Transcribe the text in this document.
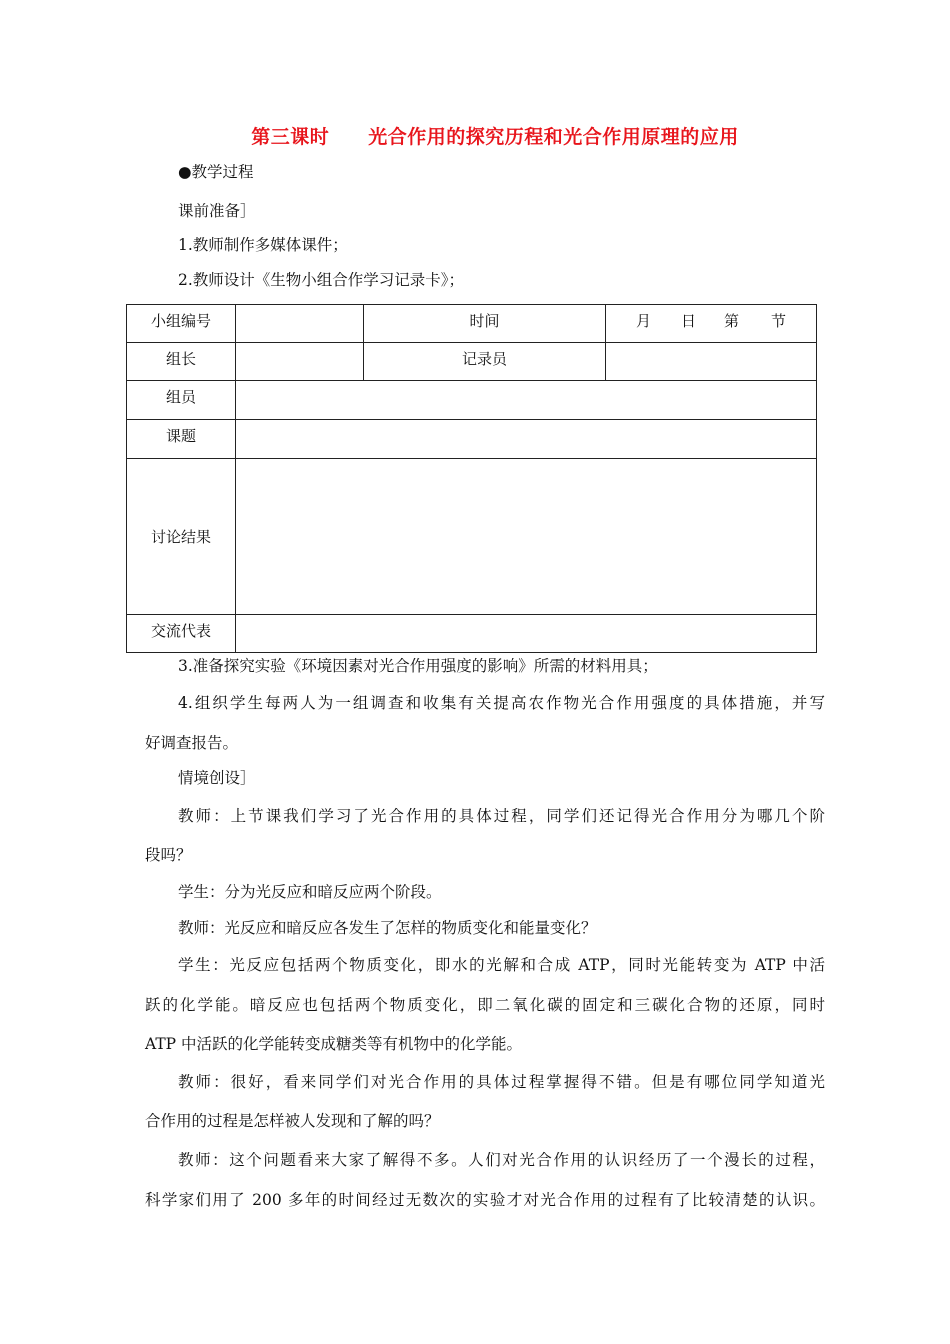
第三课时　　光合作用的探究历程和光合作用原理的应用
●教学过程
课前准备］
1.教师制作多媒体课件；
2.教师设计《生物小组合作学习记录卡》；
小组编号		时间	月 日 第 节
组长		记录员	
组员			
课题			
讨论结果			
交流代表			
3.准备探究实验《环境因素对光合作用强度的影响》所需的材料用具；
4.组织学生每两人为一组调查和收集有关提高农作物光合作用强度的具体措施，并写
好调查报告。
情境创设］
教师：上节课我们学习了光合作用的具体过程，同学们还记得光合作用分为哪几个阶
段吗？
学生：分为光反应和暗反应两个阶段。
教师：光反应和暗反应各发生了怎样的物质变化和能量变化？
学生：光反应包括两个物质变化，即水的光解和合成 ATP，同时光能转变为 ATP 中活
跃的化学能。暗反应也包括两个物质变化，即二氧化碳的固定和三碳化合物的还原，同时
ATP 中活跃的化学能转变成糖类等有机物中的化学能。
教师：很好，看来同学们对光合作用的具体过程掌握得不错。但是有哪位同学知道光
合作用的过程是怎样被人发现和了解的吗？
教师：这个问题看来大家了解得不多。人们对光合作用的认识经历了一个漫长的过程，
科学家们用了 200 多年的时间经过无数次的实验才对光合作用的过程有了比较清楚的认识。
